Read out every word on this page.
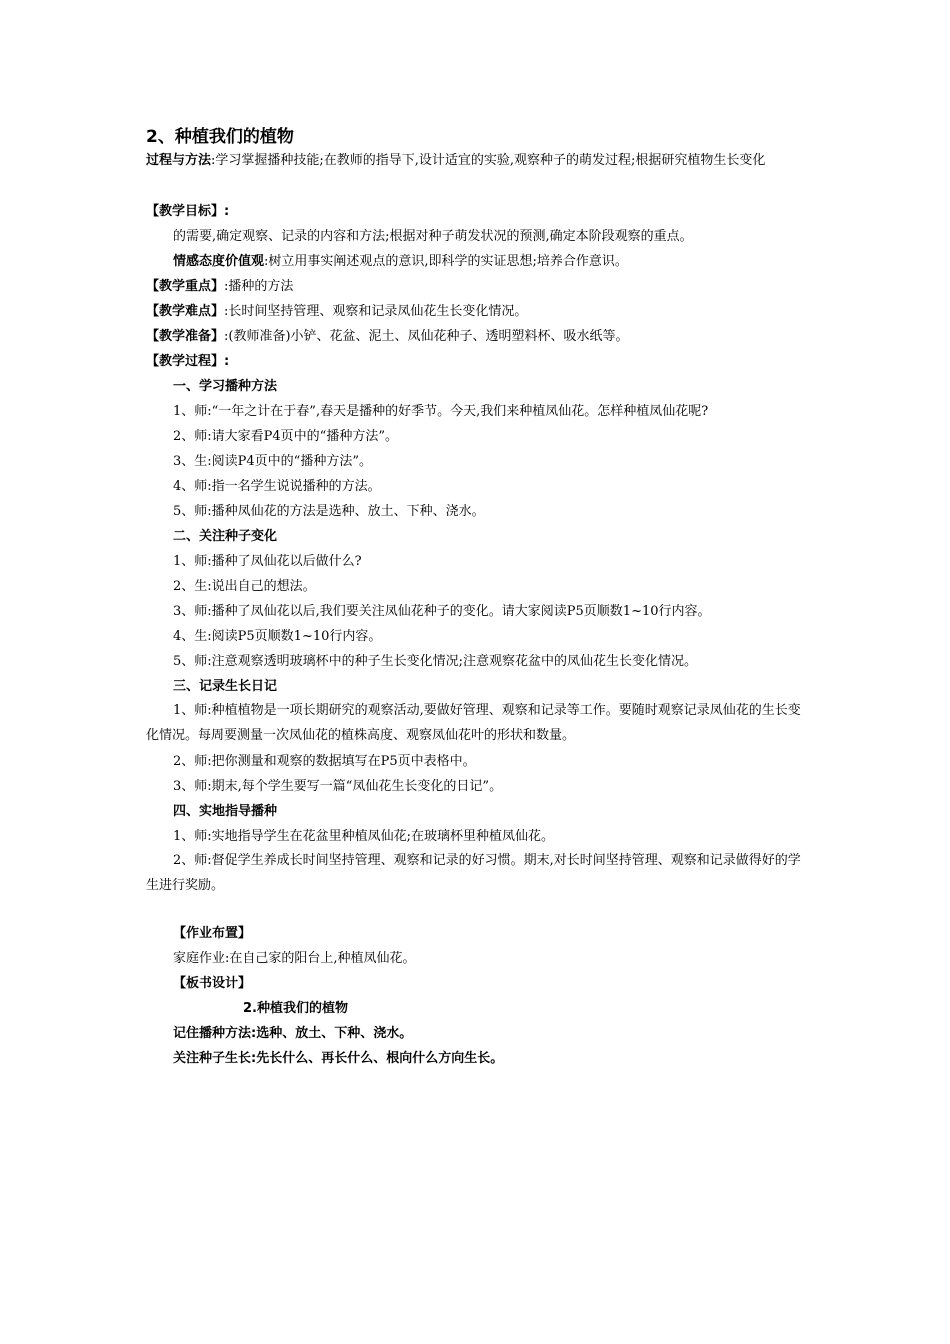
2、种植我们的植物
过程与方法:学习掌握播种技能;在教师的指导下,设计适宜的实验,观察种子的萌发过程;根据研究植物生长变化
【教学目标】:
的需要,确定观察、记录的内容和方法;根据对种子萌发状况的预测,确定本阶段观察的重点。
情感态度价值观:树立用事实阐述观点的意识,即科学的实证思想;培养合作意识。
【教学重点】:播种的方法
【教学难点】:长时间坚持管理、观察和记录凤仙花生长变化情况。
【教学准备】:(教师准备)小铲、花盆、泥土、凤仙花种子、透明塑料杯、吸水纸等。
【教学过程】:
一、学习播种方法
1、师:“一年之计在于春”,春天是播种的好季节。今天,我们来种植凤仙花。怎样种植凤仙花呢?
2、师:请大家看P4页中的“播种方法”。
3、生:阅读P4页中的“播种方法”。
4、师:指一名学生说说播种的方法。
5、师:播种凤仙花的方法是选种、放土、下种、浇水。
二、关注种子变化
1、师:播种了凤仙花以后做什么?
2、生:说出自己的想法。
3、师:播种了凤仙花以后,我们要关注凤仙花种子的变化。请大家阅读P5页顺数1~10行内容。
4、生:阅读P5页顺数1~10行内容。
5、师:注意观察透明玻璃杯中的种子生长变化情况;注意观察花盆中的凤仙花生长变化情况。
三、记录生长日记
1、师:种植植物是一项长期研究的观察活动,要做好管理、观察和记录等工作。要随时观察记录凤仙花的生长变化情况。每周要测量一次凤仙花的植株高度、观察凤仙花叶的形状和数量。
2、师:把你测量和观察的数据填写在P5页中表格中。
3、师:期末,每个学生要写一篇“凤仙花生长变化的日记”。
四、实地指导播种
1、师:实地指导学生在花盆里种植凤仙花;在玻璃杯里种植凤仙花。
2、师:督促学生养成长时间坚持管理、观察和记录的好习惯。期末,对长时间坚持管理、观察和记录做得好的学生进行奖励。
【作业布置】
家庭作业:在自己家的阳台上,种植凤仙花。
【板书设计】
2.种植我们的植物
记住播种方法:选种、放土、下种、浇水。
关注种子生长:先长什么、再长什么、根向什么方向生长。
